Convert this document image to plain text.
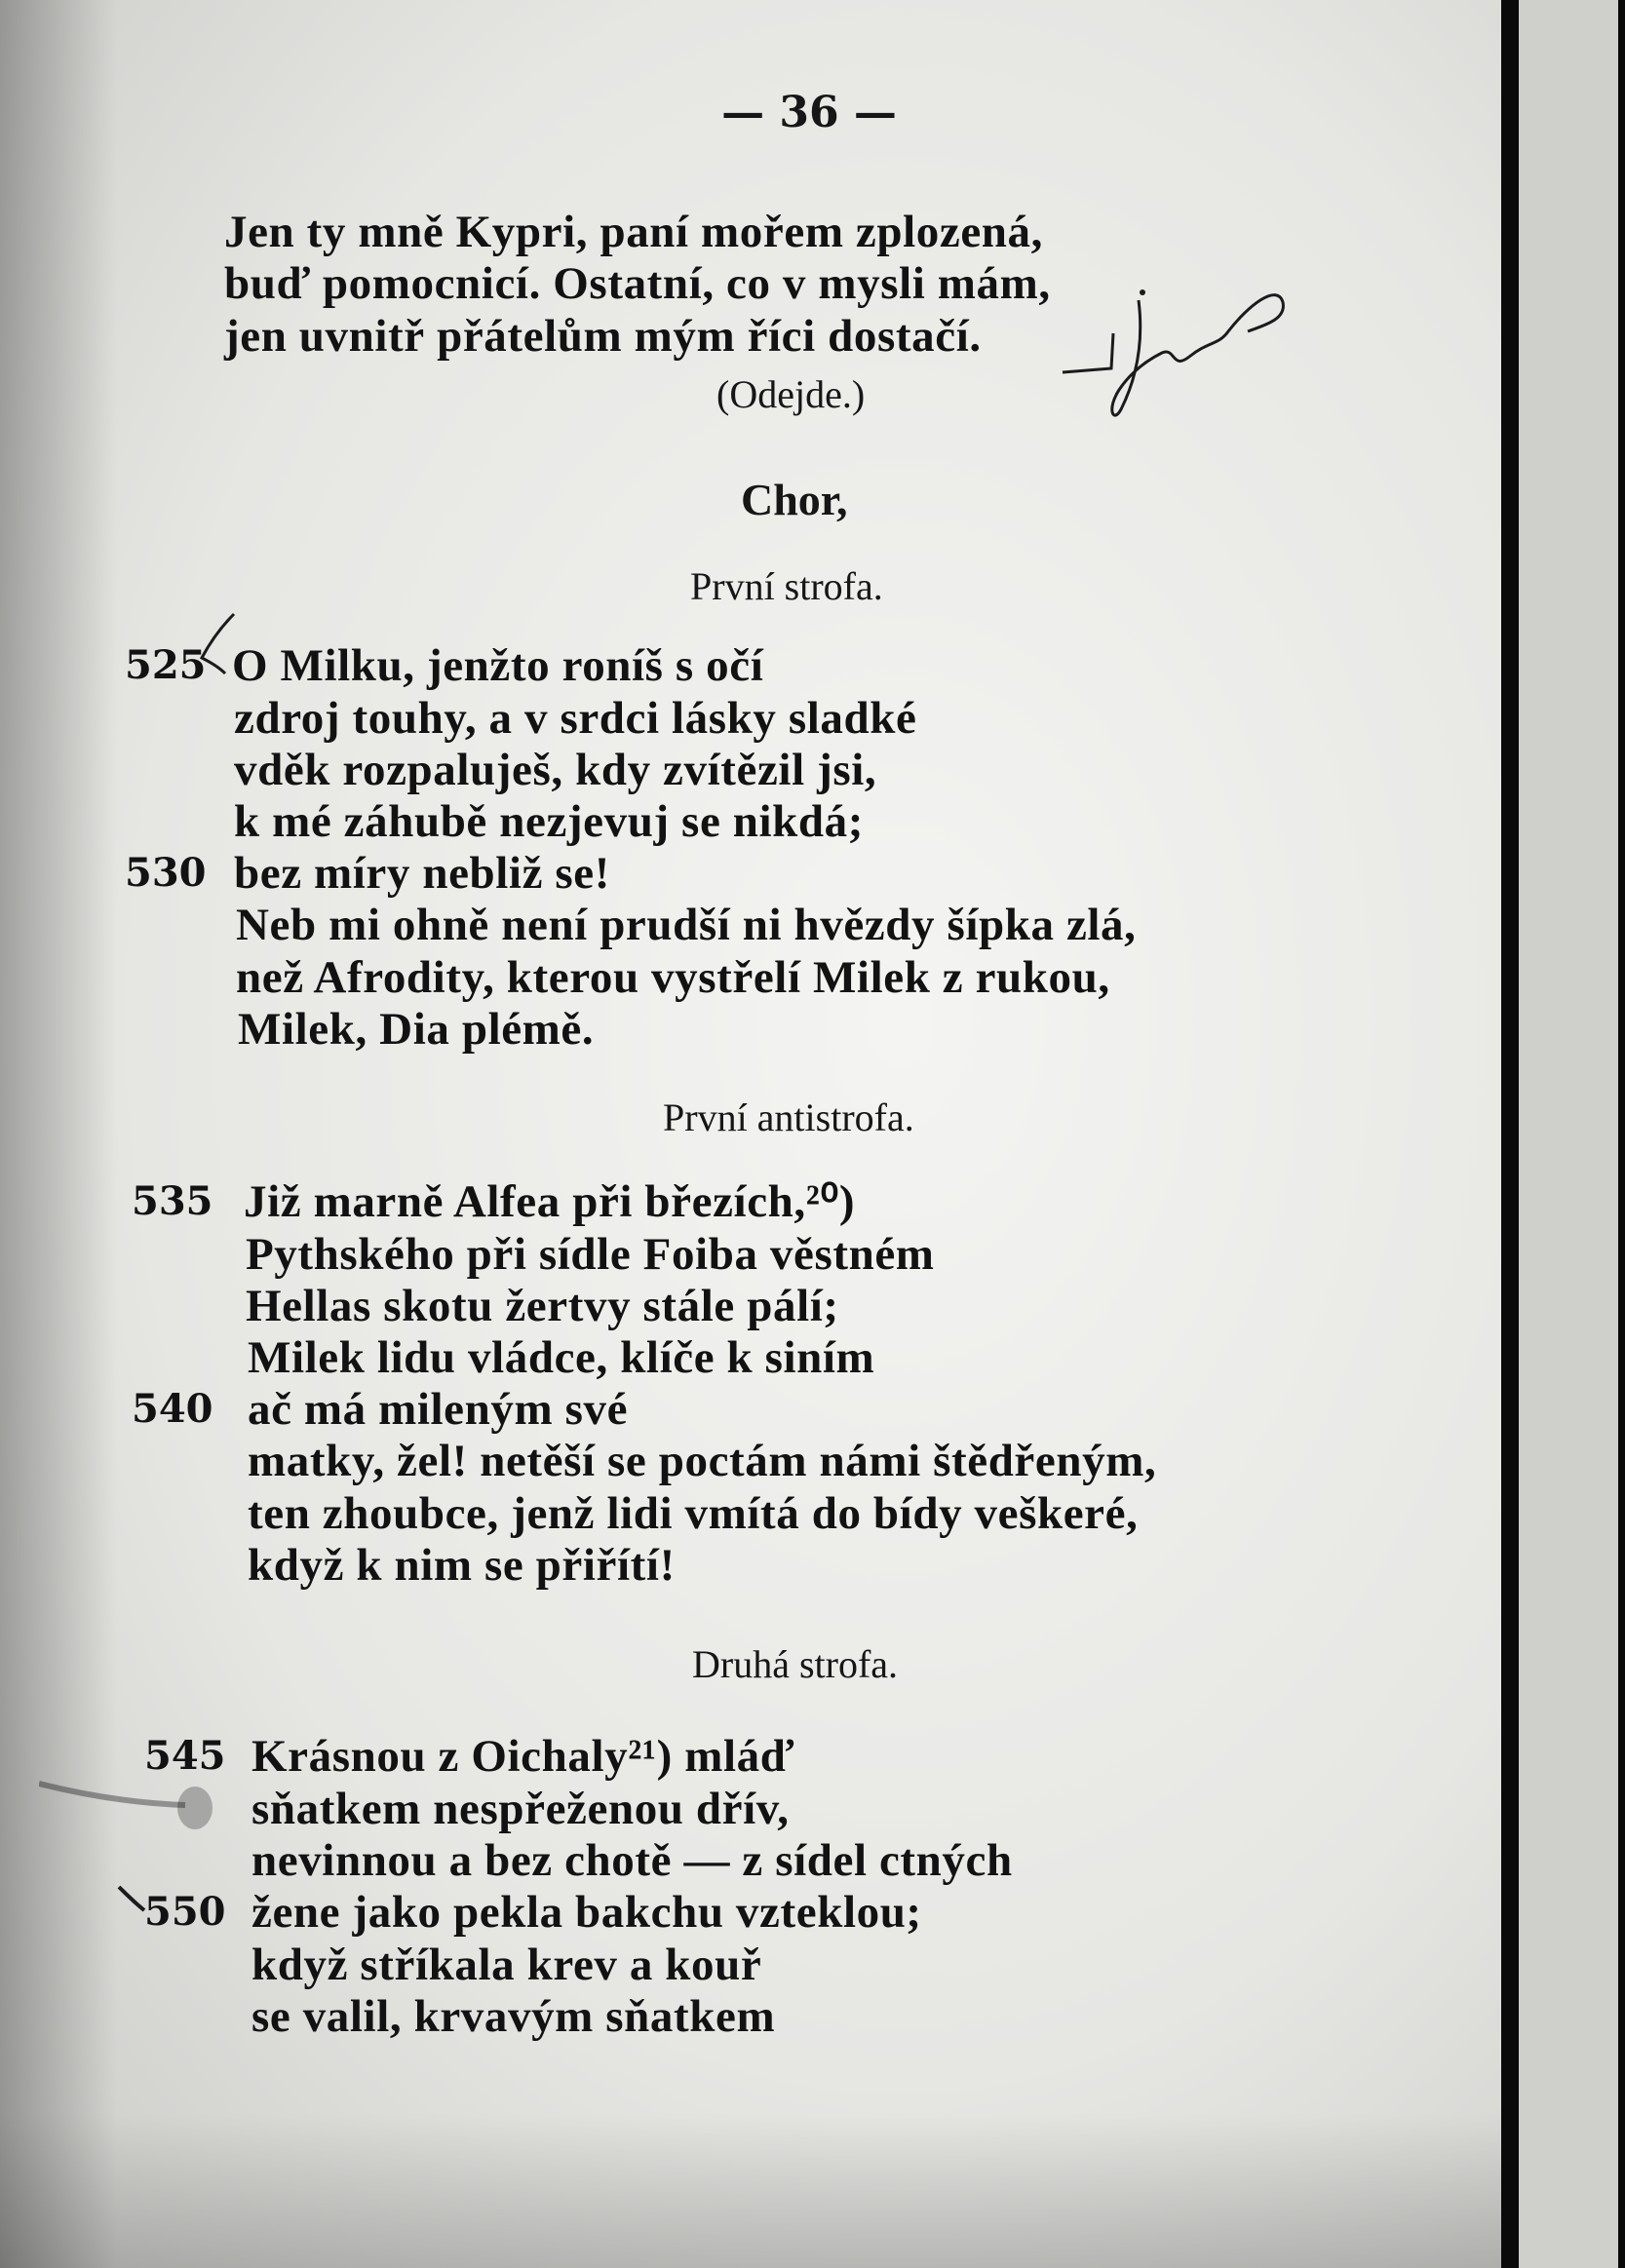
— 36 —
Jen ty mně Kypri, paní mořem zplozená,
buď pomocnicí. Ostatní, co v mysli mám,
jen uvnitř přátelům mým říci dostačí.
(Odejde.)
Chor,
První strofa.
525 O Milku, jenžto roníš s očí
zdroj touhy, a v srdci lásky sladké
vděk rozpaluješ, kdy zvítězil jsi,
k mé záhubě nezjevuj se nikdá;
530 bez míry nebliž se!
Neb mi ohně není prudší ni hvězdy šípka zlá,
než Afrodity, kterou vystřelí Milek z rukou,
Milek, Dia plémě.
První antistrofa.
535 Již marně Alfea při březích,²⁰)
Pythského při sídle Foiba věstném
Hellas skotu žertvy stále pálí;
Milek lidu vládce, klíče k siním
540 ač má mileným své
matky, žel! netěší se poctám námi štědřeným,
ten zhoubce, jenž lidi vmítá do bídy veškeré,
když k nim se přiřítí!
Druhá strofa.
545 Krásnou z Oichaly²¹) mláď
sňatkem nespřeženou dřív,
nevinnou a bez chotě — z sídel ctných
550 žene jako pekla bakchu vzteklou;
když stříkala krev a kouř
se valil, krvavým sňatkem
